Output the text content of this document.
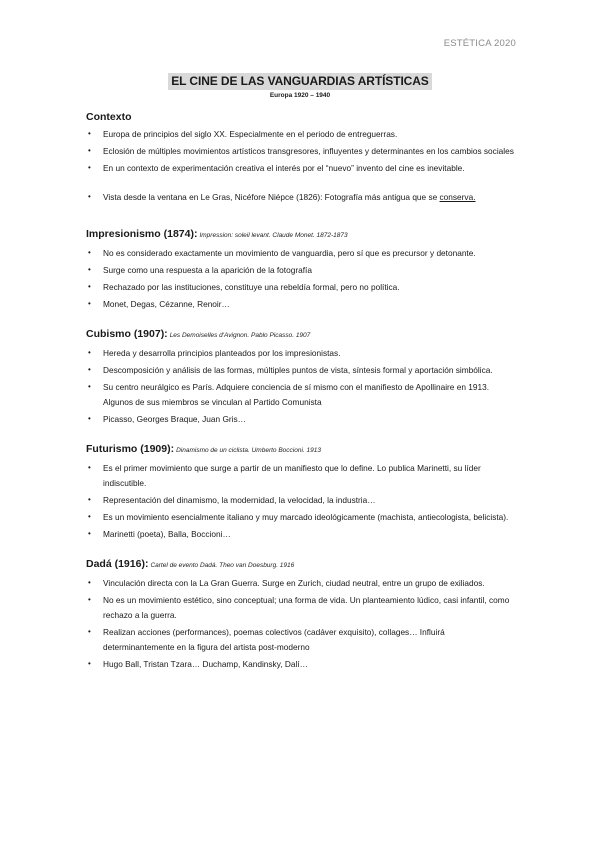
ESTÉTICA 2020
EL CINE DE LAS VANGUARDIAS ARTÍSTICAS
Europa 1920 – 1940
Contexto
• Europa de principios del siglo XX. Especialmente en el periodo de entreguerras.
• Eclosión de múltiples movimientos artísticos transgresores, influyentes y determinantes en los cambios sociales
• En un contexto de experimentación creativa el interés por el “nuevo” invento del cine es inevitable.
• Vista desde la ventana en Le Gras, Nicéfore Niépce (1826): Fotografía más antigua que se conserva.
Impresionismo (1874): Impression: soleil levant. Claude Monet. 1872-1873
• No es considerado exactamente un movimiento de vanguardia, pero sí que es precursor y detonante.
• Surge como una respuesta a la aparición de la fotografía
• Rechazado por las instituciones, constituye una rebeldía formal, pero no política.
• Monet, Degas, Cézanne, Renoir…
Cubismo (1907): Les Demoiselles d'Avignon. Pablo Picasso. 1907
• Hereda y desarrolla principios planteados por los impresionistas.
• Descomposición y análisis de las formas, múltiples puntos de vista, síntesis formal y aportación simbólica.
• Su centro neurálgico es París. Adquiere conciencia de sí mismo con el manifiesto de Apollinaire en 1913. Algunos de sus miembros se vinculan al Partido Comunista
• Picasso, Georges Braque, Juan Gris…
Futurismo (1909): Dinamismo de un ciclista. Umberto Boccioni. 1913
• Es el primer movimiento que surge a partir de un manifiesto que lo define. Lo publica Marinetti, su líder indiscutible.
• Representación del dinamismo, la modernidad, la velocidad, la industria…
• Es un movimiento esencialmente italiano y muy marcado ideológicamente (machista, antiecologista, belicista).
• Marinetti (poeta), Balla, Boccioni…
Dadá (1916): Cartel de evento Dadá. Theo van Doesburg. 1916
• Vinculación directa con la La Gran Guerra. Surge en Zurich, ciudad neutral, entre un grupo de exiliados.
• No es un movimiento estético, sino conceptual; una forma de vida. Un planteamiento lúdico, casi infantil, como rechazo a la guerra.
• Realizan acciones (performances), poemas colectivos (cadáver exquisito), collages… Influirá determinantemente en la figura del artista post-moderno
• Hugo Ball, Tristan Tzara… Duchamp, Kandinsky, Dalí…
